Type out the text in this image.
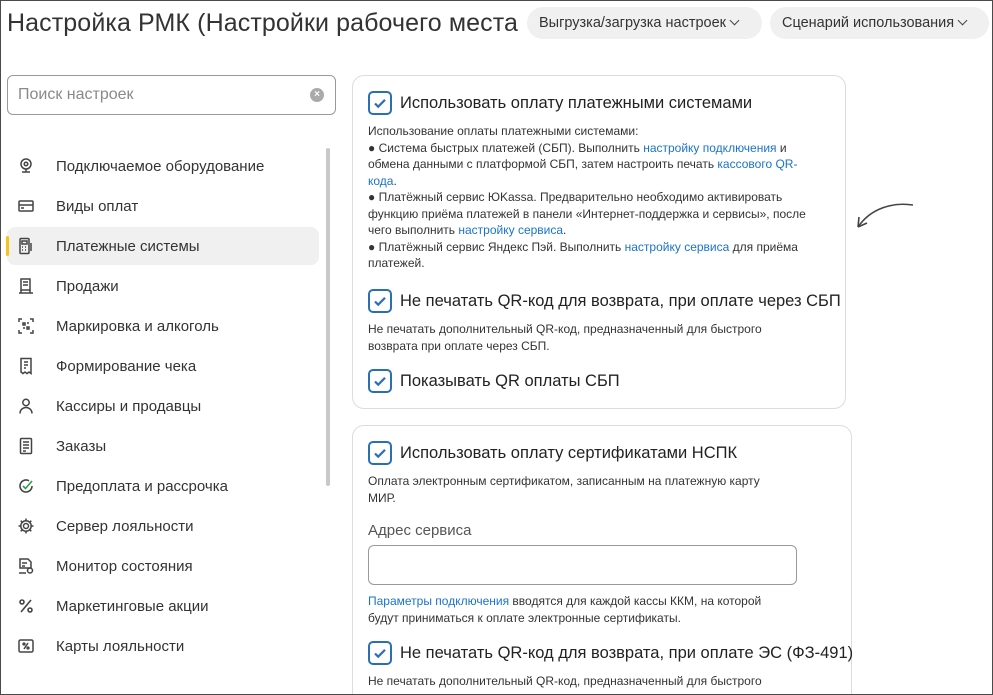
Настройка РМК (Настройки рабочего места	Выгрузка/загрузка настроек	Сценарий использования
Поиск настроек
×
Подключаемое оборудование
Виды оплат
Платежные системы
Продажи
Маркировка и алкоголь
Формирование чека
Кассиры и продавцы
Заказы
Предоплата и рассрочка
Сервер лояльности
Монитор состояния
Маркетинговые акции
Карты лояльности
Использовать оплату платежными системами
Использование оплаты платежными системами:
● Система быстрых платежей (СБП). Выполнить настройку подключения и обмена данными с платформой СБП, затем настроить печать кассового QR-кода.
● Платёжный сервис ЮKassa. Предварительно необходимо активировать функцию приёма платежей в панели «Интернет-поддержка и сервисы», после чего выполнить настройку сервиса.
● Платёжный сервис Яндекс Пэй. Выполнить настройку сервиса для приёма платежей.
Не печатать QR-код для возврата, при оплате через СБП
Не печатать дополнительный QR-код, предназначенный для быстрого возврата при оплате через СБП.
Показывать QR оплаты СБП
Использовать оплату сертификатами НСПК
Оплата электронным сертификатом, записанным на платежную карту МИР.
Адрес сервиса
Параметры подключения вводятся для каждой кассы ККМ, на которой будут приниматься к оплате электронные сертификаты.
Не печатать QR-код для возврата, при оплате ЭС (ФЗ-491)
Не печатать дополнительный QR-код, предназначенный для быстрого
